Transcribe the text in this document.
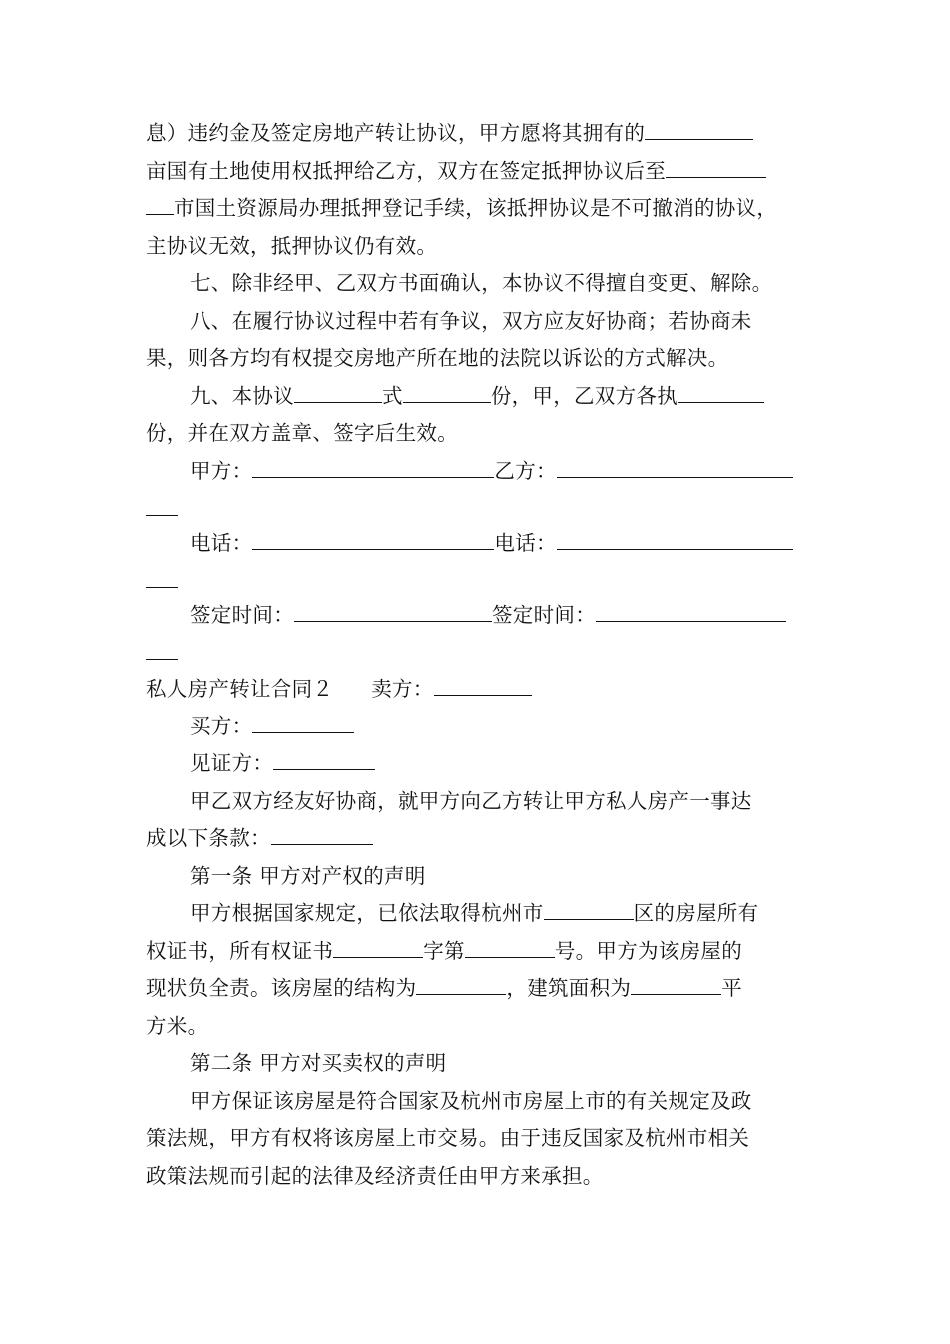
息）违约金及签定房地产转让协议，甲方愿将其拥有的
亩国有土地使用权抵押给乙方，双方在签定抵押协议后至
市国土资源局办理抵押登记手续，该抵押协议是不可撤消的协议，
主协议无效，抵押协议仍有效。
七、除非经甲、乙双方书面确认，本协议不得擅自变更、解除。
八、在履行协议过程中若有争议，双方应友好协商；若协商未
果，则各方均有权提交房地产所在地的法院以诉讼的方式解决。
九、本协议	式	份，甲，乙双方各执
份，并在双方盖章、签字后生效。
甲方：	乙方：
电话：	电话：
签定时间：	签定时间：
私人房产转让合同２ 卖方：
买方：
见证方：
甲乙双方经友好协商，就甲方向乙方转让甲方私人房产一事达
成以下条款：
第一条 甲方对产权的声明
甲方根据国家规定，已依法取得杭州市	区的房屋所有
权证书，所有权证书	字第	号。甲方为该房屋的
现状负全责。该房屋的结构为	，建筑面积为	平
方米。
第二条 甲方对买卖权的声明
甲方保证该房屋是符合国家及杭州市房屋上市的有关规定及政
策法规，甲方有权将该房屋上市交易。由于违反国家及杭州市相关
政策法规而引起的法律及经济责任由甲方来承担。
